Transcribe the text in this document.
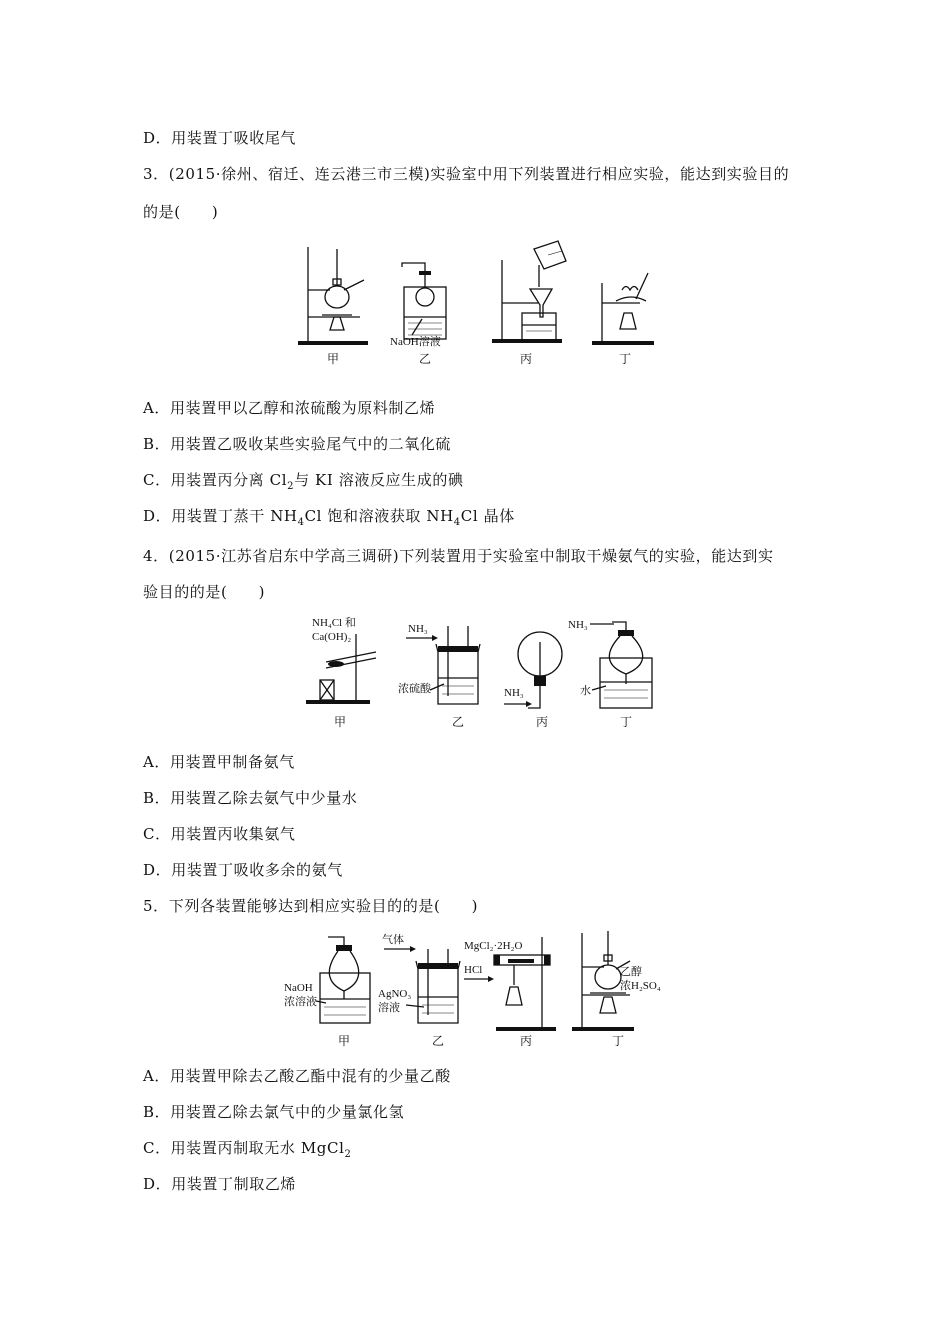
D．用装置丁吸收尾气
3．(2015·徐州、宿迁、连云港三市三模)实验室中用下列装置进行相应实验，能达到实验目的
的是(　　)
NaOH溶液
甲	乙	丙	丁
A．用装置甲以乙醇和浓硫酸为原料制乙烯
B．用装置乙吸收某些实验尾气中的二氧化硫
C．用装置丙分离 $Cl_2$与 KI 溶液反应生成的碘
D．用装置丁蒸干 $NH_4Cl$ 饱和溶液获取 $NH_4Cl$ 晶体
4．(2015·江苏省启东中学高三调研)下列装置用于实验室中制取干燥氨气的实验，能达到实
验目的的是(　　)
NH₄Cl 和
Ca(OH)₂
NH₃
浓硫酸	NH₃
NH₃
水
甲	乙	丙	丁
A．用装置甲制备氨气
B．用装置乙除去氨气中少量水
C．用装置丙收集氨气
D．用装置丁吸收多余的氨气
5．下列各装置能够达到相应实验目的的是(　　)
NaOH
浓溶液
气体
AgNO₃
溶液
MgCl₂·2H₂O
HCl	乙醇
浓H₂SO₄
甲	乙	丙	丁
A．用装置甲除去乙酸乙酯中混有的少量乙酸
B．用装置乙除去氯气中的少量氯化氢
C．用装置丙制取无水 MgCl$_2$
D．用装置丁制取乙烯
